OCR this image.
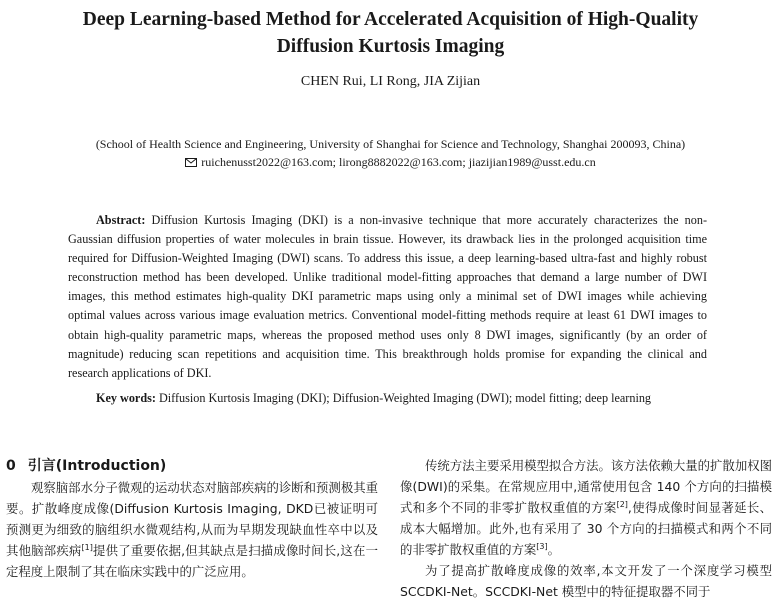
Deep Learning-based Method for Accelerated Acquisition of High-Quality
Diffusion Kurtosis Imaging
CHEN Rui, LI Rong, JIA Zijian
(School of Health Science and Engineering, University of Shanghai for Science and Technology, Shanghai 200093, China)
ruichenusst2022@163.com; lirong8882022@163.com; jiazijian1989@usst.edu.cn
Abstract: Diffusion Kurtosis Imaging (DKI) is a non-invasive technique that more accurately characterizes the non-Gaussian diffusion properties of water molecules in brain tissue. However, its drawback lies in the prolonged acquisition time required for Diffusion-Weighted Imaging (DWI) scans. To address this issue, a deep learning-based ultra-fast and highly robust reconstruction method has been developed. Unlike traditional model-fitting approaches that demand a large number of DWI images, this method estimates high-quality DKI parametric maps using only a minimal set of DWI images while achieving optimal values across various image evaluation metrics. Conventional model-fitting methods require at least 61 DWI images to obtain high-quality parametric maps, whereas the proposed method uses only 8 DWI images, significantly (by an order of magnitude) reducing scan repetitions and acquisition time. This breakthrough holds promise for expanding the clinical and research applications of DKI.
Key words: Diffusion Kurtosis Imaging (DKI); Diffusion-Weighted Imaging (DWI); model fitting; deep learning
0 引言(Introduction)

观察脑部水分子微观的运动状态对脑部疾病的诊断和预测极其重要。扩散峰度成像(Diffusion Kurtosis Imaging, DKD已被证明可预测更为细致的脑组织水微观结构,从而为早期发现缺血性卒中以及其他脑部疾病[1]提供了重要依据,但其缺点是扫描成像时间长,这在一定程度上限制了其在临床实践中的广泛应用。

传统方法主要采用模型拟合方法。该方法依赖大量的扩散加权图像(DWI)的采集。在常规应用中,通常使用包含 140 个方向的扫描模式和多个不同的非零扩散权重值的方案[2],使得成像时间显著延长、成本大幅增加。此外,也有采用了 30 个方向的扫描模式和两个不同的非零扩散权重值的方案[3]。

为了提高扩散峰度成像的效率,本文开发了一个深度学习模型 SCCDKI-Net。SCCDKI-Net 模型中的特征提取器不同于
